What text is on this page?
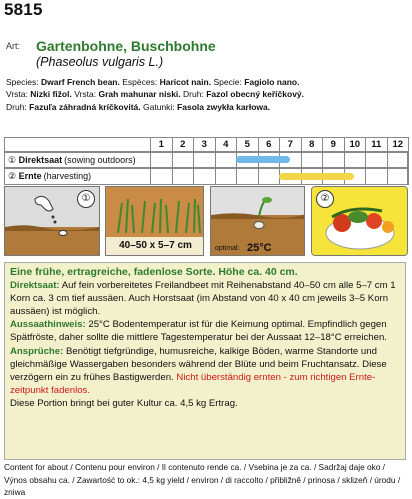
5815
Art: Gartenbohne, Buschbohne
(Phaseolus vulgaris L.)
Species: Dwarf French bean. Espèces: Haricot nain. Specie: Fagiolo nano.
Vrsta: Nizki fižol. Vrsta: Grah mahunar niski. Druh: Fazol obecný keříčkový.
Druh: Fazuľa záhradná kríčkovitá. Gatunki: Fasola zwykła karłowa.
① Direktsaat (sowing outdoors)
② Ernte (harvesting)
1	2	3	4	5	6	7	8	9	10	11	12
①
40–50 x 5–7 cm	optimal: 25°C
②
Eine frühe, ertragreiche, fadenlose Sorte. Höhe ca. 40 cm.
Direktsaat: Auf fein vorbereitetes Freilandbeet mit Reihenabstand 40–50 cm alle 5–7 cm 1 Korn ca. 3 cm tief aussäen. Auch Horstsaat (im Abstand von 40 x 40 cm jeweils 3–5 Korn aussäen) ist möglich.
Aussaathinweis: 25°C Bodentemperatur ist für die Keimung optimal. Empfindlich gegen Spätfröste, daher sollte die mittlere Tagestemperatur bei der Aussaat 12–18°C erreichen. Ansprüche: Benötigt tiefgründige, humusreiche, kalkige Böden, warme Standorte und gleichmäßige Wassergaben besonders während der Blüte und beim Fruchtansatz. Diese verzögern ein zu frühes Bastigwerden. Nicht überständig ernten - zum richtigen Erntezeitpunkt fadenlos.
Diese Portion bringt bei guter Kultur ca. 4,5 kg Ertrag.
Content for about / Contenu pour environ / Il contenuto rende ca. / Vsebina je za ca. / Sadržaj daje oko /
Výnos obsahu ca. / Zawartość to ok.: 4,5 kg yield / environ / di raccolto / přibližně / prinosa / sklizeň / úrodu / zniwa
